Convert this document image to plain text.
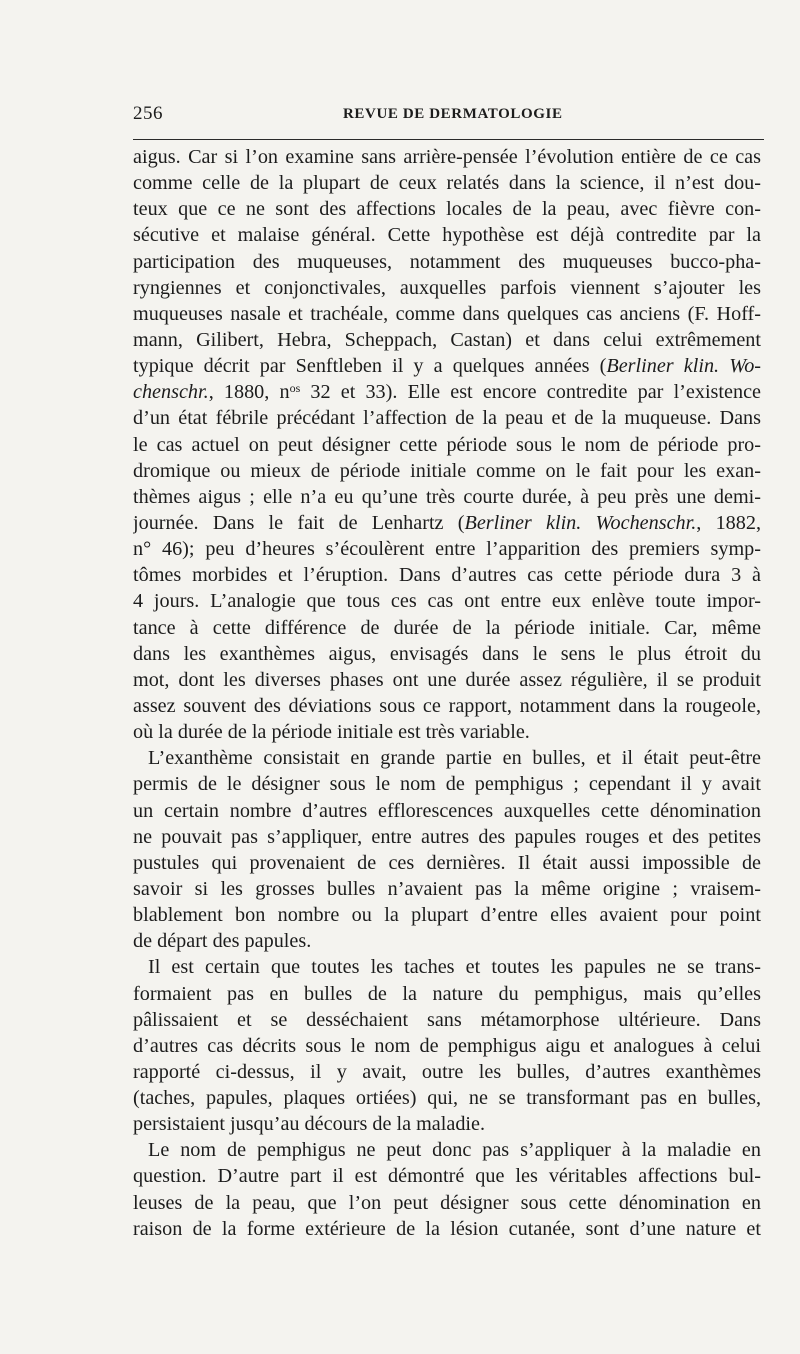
256	REVUE DE DERMATOLOGIE
aigus. Car si l’on examine sans arrière-pensée l’évolution entière de ce cas
comme celle de la plupart de ceux relatés dans la science, il n’est dou-
teux que ce ne sont des affections locales de la peau, avec fièvre con-
sécutive et malaise général. Cette hypothèse est déjà contredite par la
participation des muqueuses, notamment des muqueuses bucco-pha-
ryngiennes et conjonctivales, auxquelles parfois viennent s’ajouter les
muqueuses nasale et trachéale, comme dans quelques cas anciens (F. Hoff-
mann, Gilibert, Hebra, Scheppach, Castan) et dans celui extrêmement
typique décrit par Senftleben il y a quelques années (Berliner klin. Wo-
chenschr., 1880, $n^{os}$ 32 et 33). Elle est encore contredite par l’existence
d’un état fébrile précédant l’affection de la peau et de la muqueuse. Dans
le cas actuel on peut désigner cette période sous le nom de période pro-
dromique ou mieux de période initiale comme on le fait pour les exan-
thèmes aigus ; elle n’a eu qu’une très courte durée, à peu près une demi-
journée. Dans le fait de Lenhartz (Berliner klin. Wochenschr., 1882,
n° 46); peu d’heures s’écoulèrent entre l’apparition des premiers symp-
tômes morbides et l’éruption. Dans d’autres cas cette période dura 3 à
4 jours. L’analogie que tous ces cas ont entre eux enlève toute impor-
tance à cette différence de durée de la période initiale. Car, même
dans les exanthèmes aigus, envisagés dans le sens le plus étroit du
mot, dont les diverses phases ont une durée assez régulière, il se produit
assez souvent des déviations sous ce rapport, notamment dans la rougeole,
où la durée de la période initiale est très variable.
L’exanthème consistait en grande partie en bulles, et il était peut-être
permis de le désigner sous le nom de pemphigus ; cependant il y avait
un certain nombre d’autres efflorescences auxquelles cette dénomination
ne pouvait pas s’appliquer, entre autres des papules rouges et des petites
pustules qui provenaient de ces dernières. Il était aussi impossible de
savoir si les grosses bulles n’avaient pas la même origine ; vraisem-
blablement bon nombre ou la plupart d’entre elles avaient pour point
de départ des papules.
Il est certain que toutes les taches et toutes les papules ne se trans-
formaient pas en bulles de la nature du pemphigus, mais qu’elles
pâlissaient et se desséchaient sans métamorphose ultérieure. Dans
d’autres cas décrits sous le nom de pemphigus aigu et analogues à celui
rapporté ci-dessus, il y avait, outre les bulles, d’autres exanthèmes
(taches, papules, plaques ortiées) qui, ne se transformant pas en bulles,
persistaient jusqu’au décours de la maladie.
Le nom de pemphigus ne peut donc pas s’appliquer à la maladie en
question. D’autre part il est démontré que les véritables affections bul-
leuses de la peau, que l’on peut désigner sous cette dénomination en
raison de la forme extérieure de la lésion cutanée, sont d’une nature et
